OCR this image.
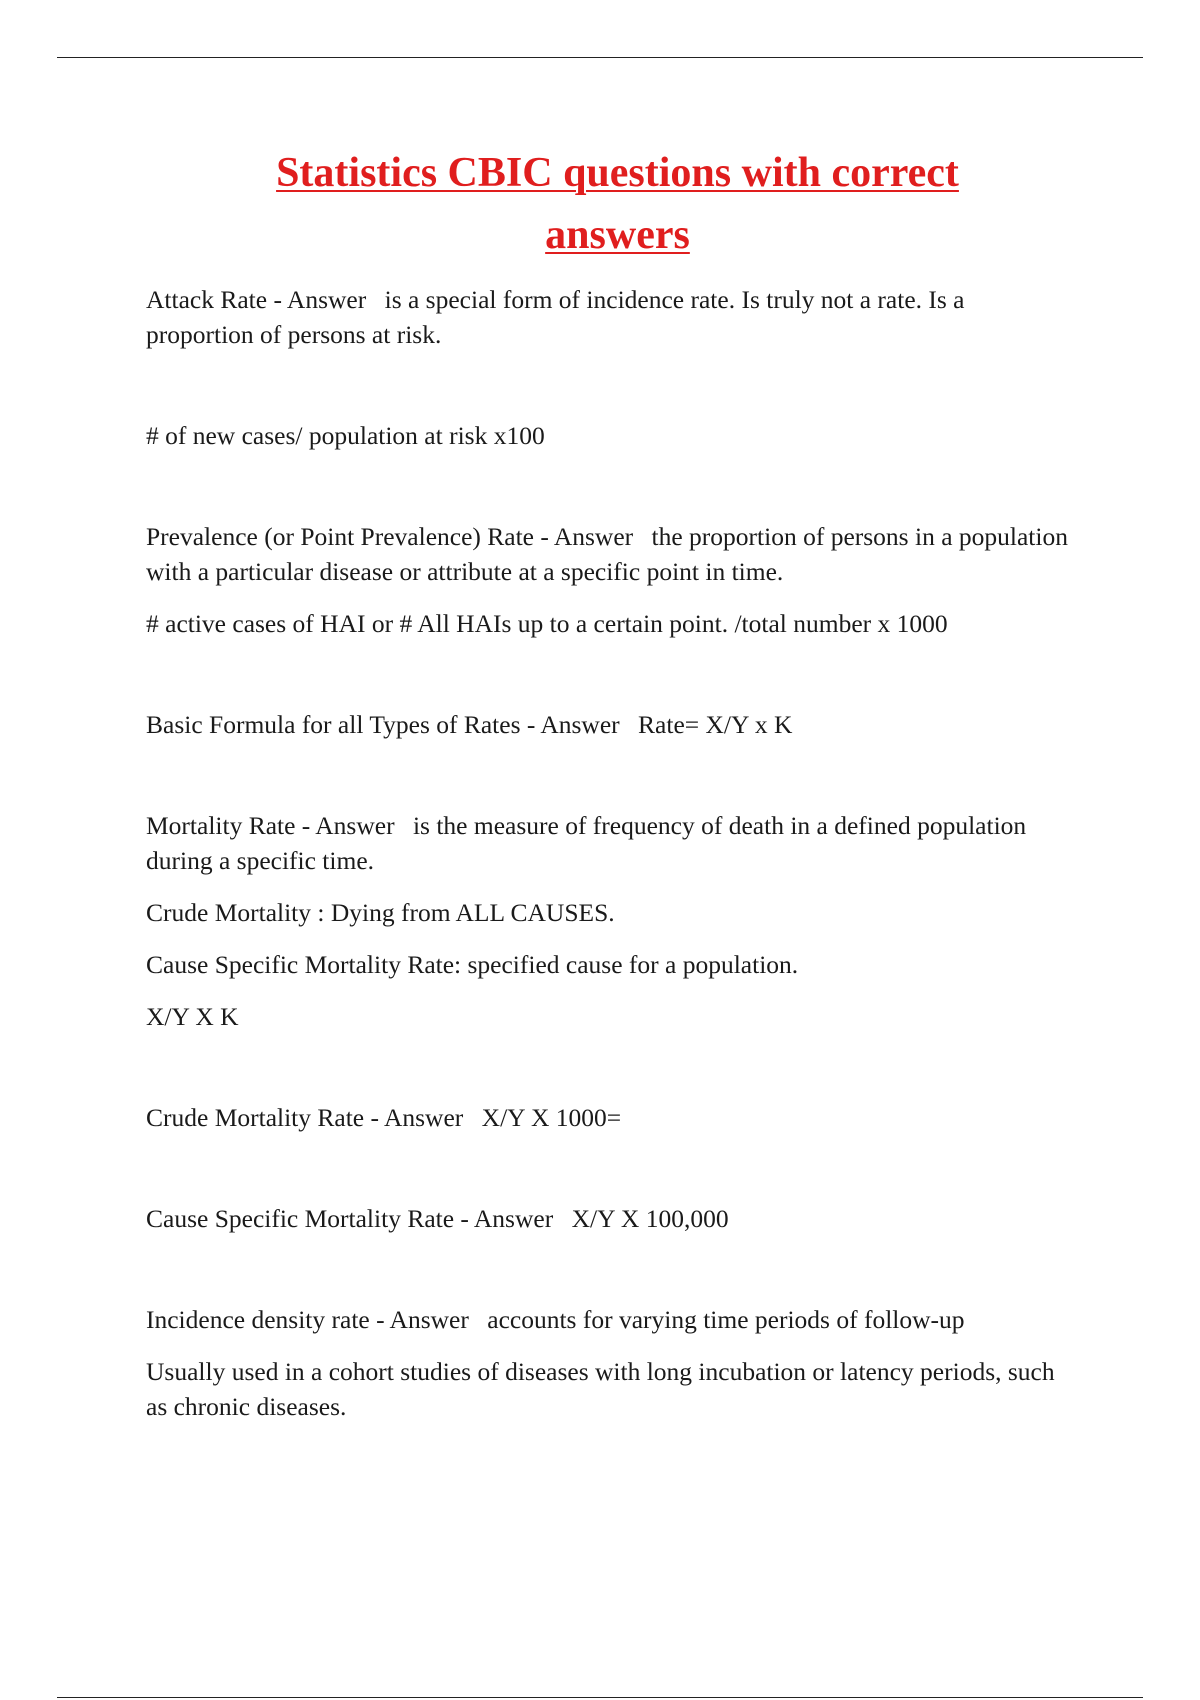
Statistics CBIC questions with correct
answers

Attack Rate - Answer is a special form of incidence rate. Is truly not a rate. Is a proportion of persons at risk.

# of new cases/ population at risk x100

Prevalence (or Point Prevalence) Rate - Answer the proportion of persons in a population with a particular disease or attribute at a specific point in time.

# active cases of HAI or # All HAIs up to a certain point. /total number x 1000

Basic Formula for all Types of Rates - Answer Rate= X/Y x K

Mortality Rate - Answer is the measure of frequency of death in a defined population during a specific time.

Crude Mortality : Dying from ALL CAUSES.

Cause Specific Mortality Rate: specified cause for a population.

X/Y X K

Crude Mortality Rate - Answer X/Y X 1000=

Cause Specific Mortality Rate - Answer X/Y X 100,000

Incidence density rate - Answer accounts for varying time periods of follow-up

Usually used in a cohort studies of diseases with long incubation or latency periods, such as chronic diseases.
